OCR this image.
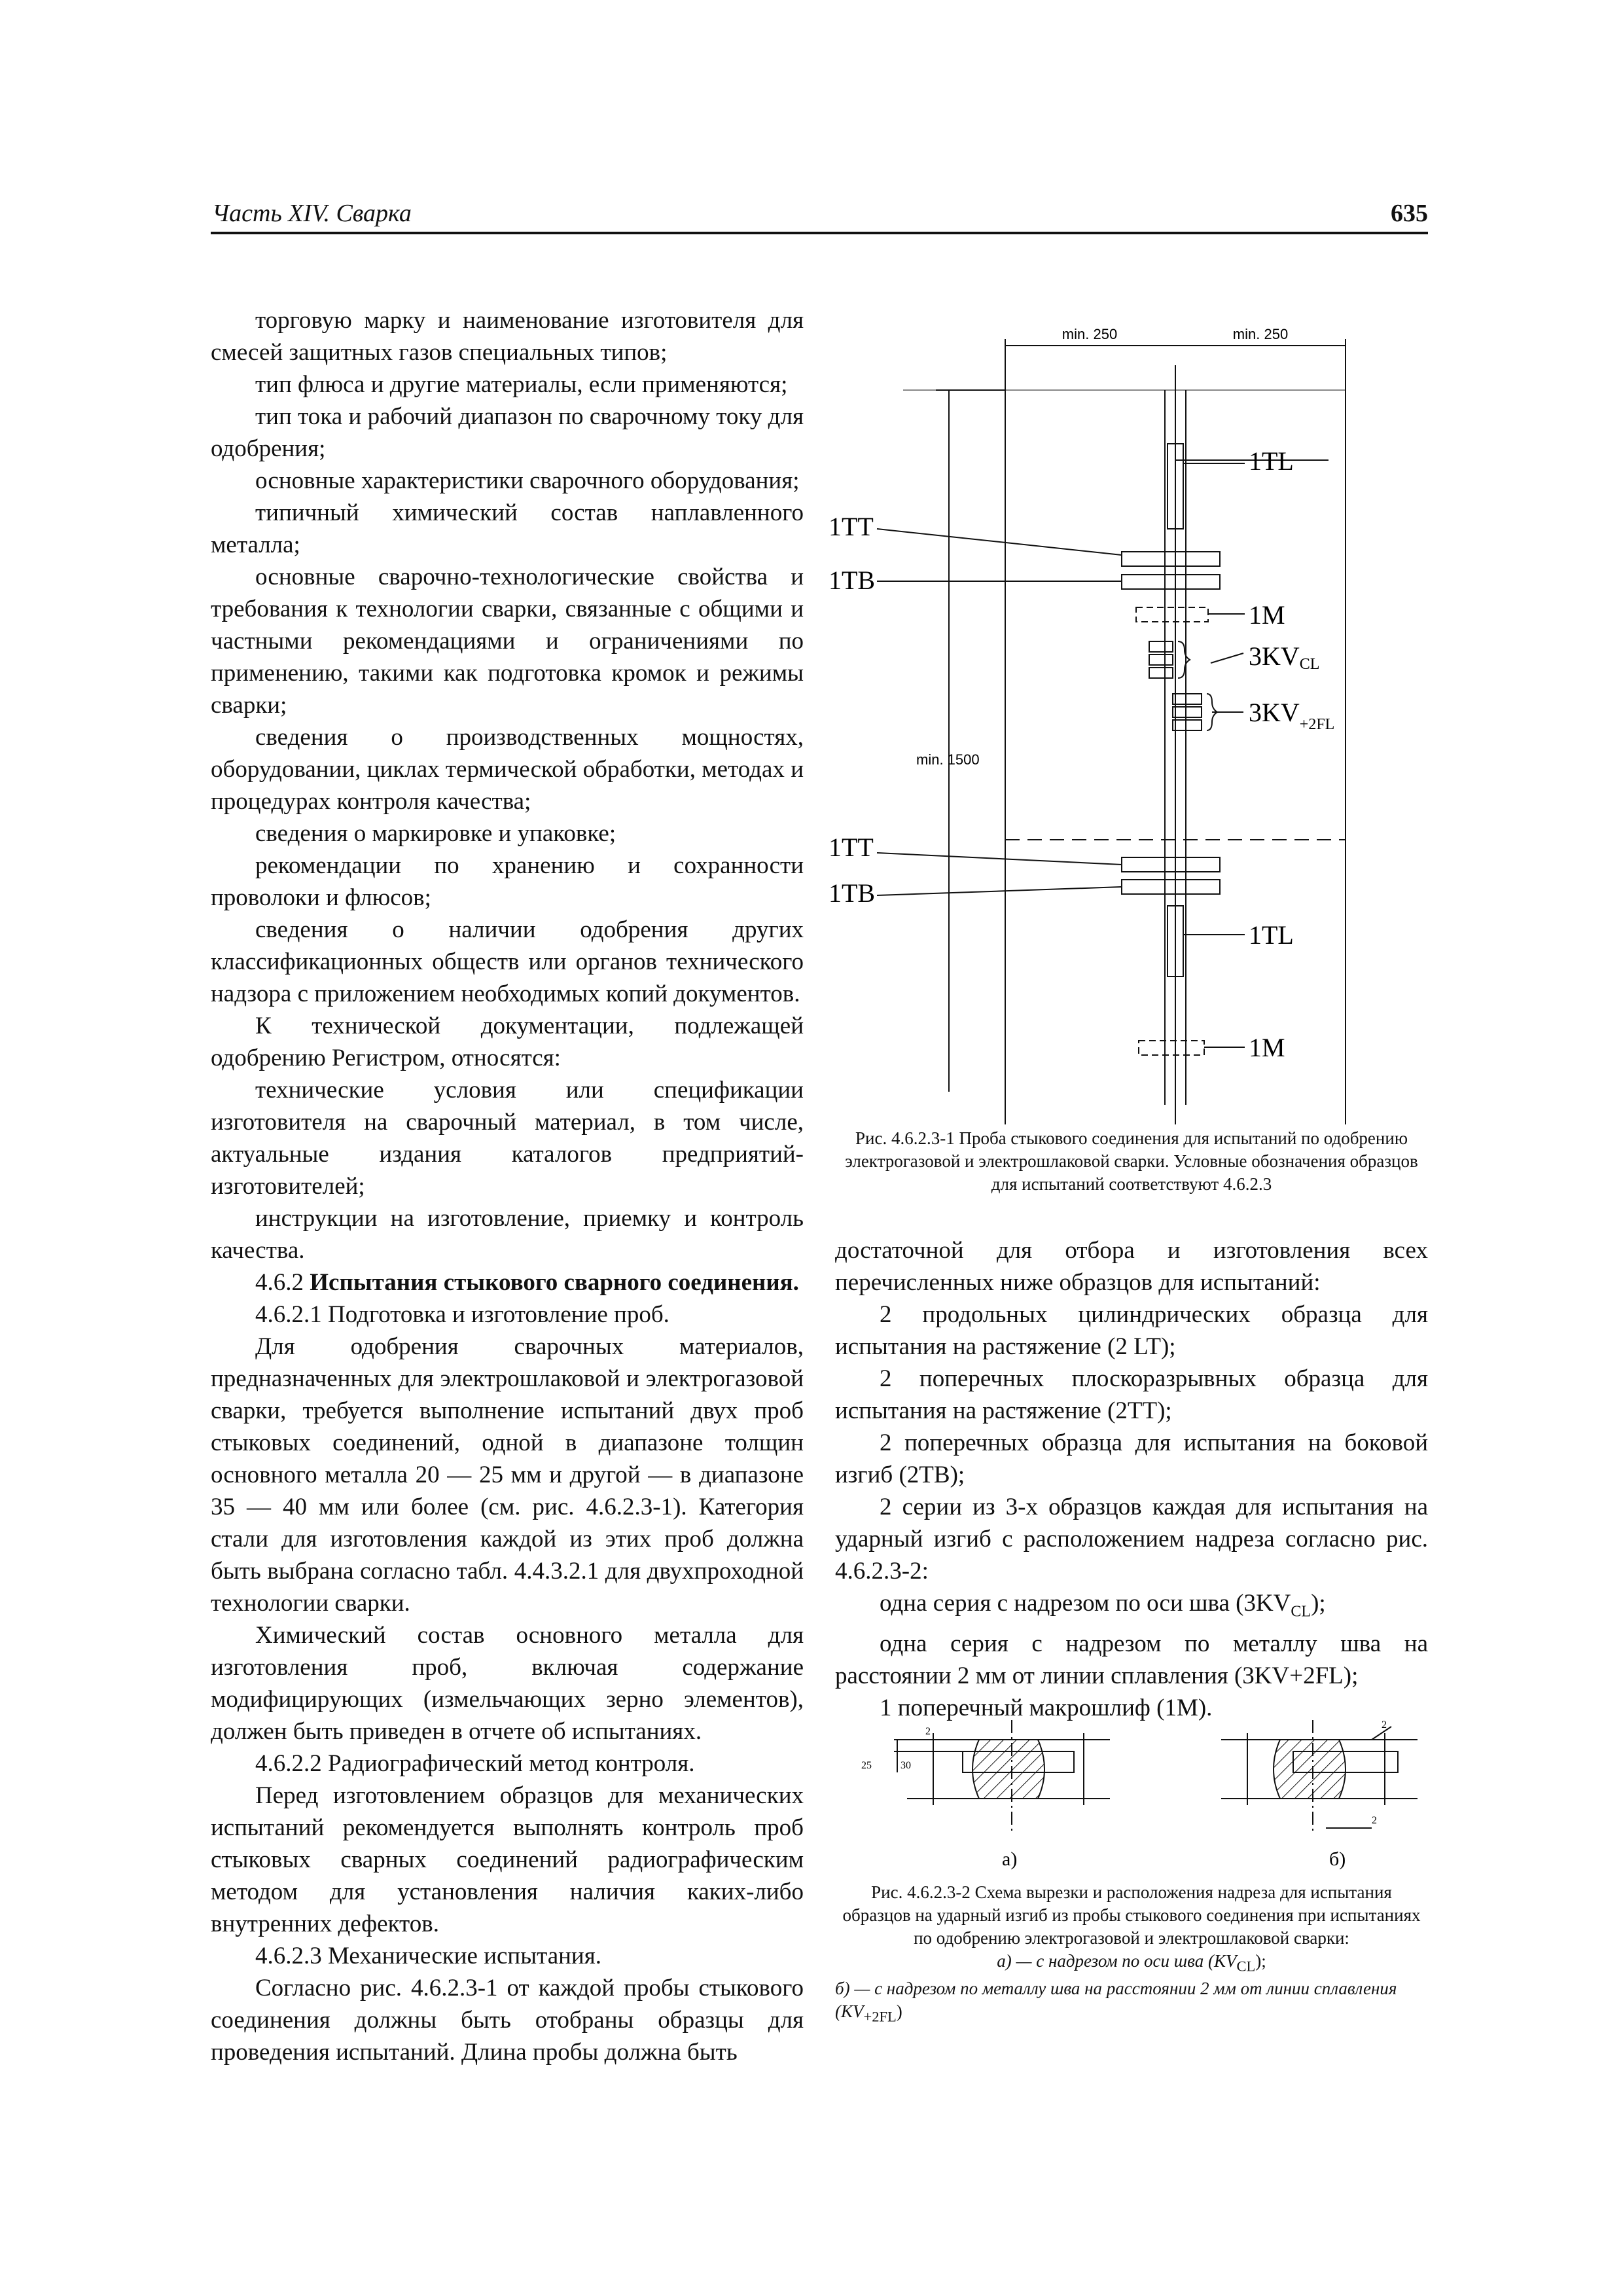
Часть XIV. Сварка	635

торговую марку и наименование изготовителя для смесей защитных газов специальных типов;

тип флюса и другие материалы, если применяются;

тип тока и рабочий диапазон по сварочному току для одобрения;

основные характеристики сварочного оборудования;

типичный химический состав наплавленного металла;

основные сварочно-технологические свойства и требования к технологии сварки, связанные с общими и частными рекомендациями и ограничениями по применению, такими как подготовка кромок и режимы сварки;

сведения о производственных мощностях, оборудовании, циклах термической обработки, методах и процедурах контроля качества;

сведения о маркировке и упаковке;

рекомендации по хранению и сохранности проволоки и флюсов;

сведения о наличии одобрения других классификационных обществ или органов технического надзора с приложением необходимых копий документов.

К технической документации, подлежащей одобрению Регистром, относятся:

технические условия или спецификации изготовителя на сварочный материал, в том числе, актуальные издания каталогов предприятий-изготовителей;

инструкции на изготовление, приемку и контроль качества.

4.6.2 Испытания стыкового сварного соединения.

4.6.2.1 Подготовка и изготовление проб.

Для одобрения сварочных материалов, предназначенных для электрошлаковой и электрогазовой сварки, требуется выполнение испытаний двух проб стыковых соединений, одной в диапазоне толщин основного металла 20 — 25 мм и другой — в диапазоне 35 — 40 мм или более (см. рис. 4.6.2.3-1). Категория стали для изготовления каждой из этих проб должна быть выбрана согласно табл. 4.4.3.2.1 для двухпроходной технологии сварки.

Химический состав основного металла для изготовления проб, включая содержание модифицирующих (измельчающих зерно элементов), должен быть приведен в отчете об испытаниях.

4.6.2.2 Радиографический метод контроля.

Перед изготовлением образцов для механических испытаний рекомендуется выполнять контроль проб стыковых сварных соединений радиографическим методом для установления наличия каких-либо внутренних дефектов.

4.6.2.3 Механические испытания.

Согласно рис. 4.6.2.3-1 от каждой пробы стыкового соединения должны быть отобраны образцы для проведения испытаний. Длина пробы должна быть

min. 250	min. 250
min. 1500
1TL
1TT
1TB
1M
3KVCL
$3KV_{+2FL}$
1TT
1TB
1TL
1M
Рис. 4.6.2.3-1 Проба стыкового соединения для испытаний по одобрению электрогазовой и электрошлаковой сварки. Условные обозначения образцов для испытаний соответствуют 4.6.2.3

достаточной для отбора и изготовления всех перечисленных ниже образцов для испытаний:

2 продольных цилиндрических образца для испытания на растяжение (2 LT);

2 поперечных плоскоразрывных образца для испытания на растяжение (2TT);

2 поперечных образца для испытания на боковой изгиб (2TB);

2 серии из 3-х образцов каждая для испытания на ударный изгиб с расположением надреза согласно рис. 4.6.2.3-2:

одна серия с надрезом по оси шва $(3KV_{CL})$;

одна серия с надрезом по металлу шва на расстоянии 2 мм от линии сплавления (3KV+2FL);

1 поперечный макрошлиф (1M).

25	30
2
а)
2
2
б)
Рис. 4.6.2.3-2 Схема вырезки и расположения надреза для испытания образцов на ударный изгиб из пробы стыкового соединения при испытаниях по одобрению электрогазовой и электрошлаковой сварки:
а) — с надрезом по оси шва $(KV_{CL})$;

б) — с надрезом по металлу шва на расстоянии 2 мм от линии сплавления $(KV_{+2FL})$
